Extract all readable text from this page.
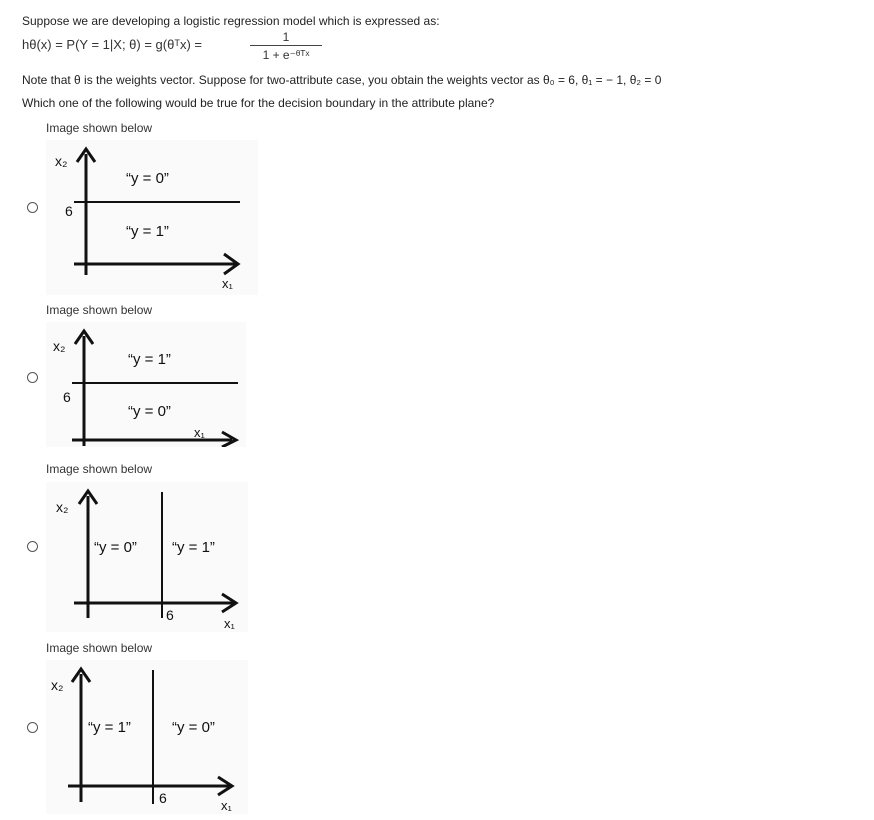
Suppose we are developing a logistic regression model which is expressed as:
hθ(x) = P(Y = 1|X; θ) = g(θᵀx) =	1
1 + e⁻ᶿᵀˣ
Note that θ is the weights vector. Suppose for two-attribute case, you obtain the weights vector as θ₀ = 6, θ₁ = − 1, θ₂ = 0
Which one of the following would be true for the decision boundary in the attribute plane?
Image shown below
x₂
x₁
6
“y = 0”
“y = 1”
Image shown below
x₂
x₁
6
“y = 1”
“y = 0”
Image shown below
x₂
x₁
6
“y = 0” “y = 1”
Image shown below
x₂
x₁
6
“y = 1”	“y = 0”
